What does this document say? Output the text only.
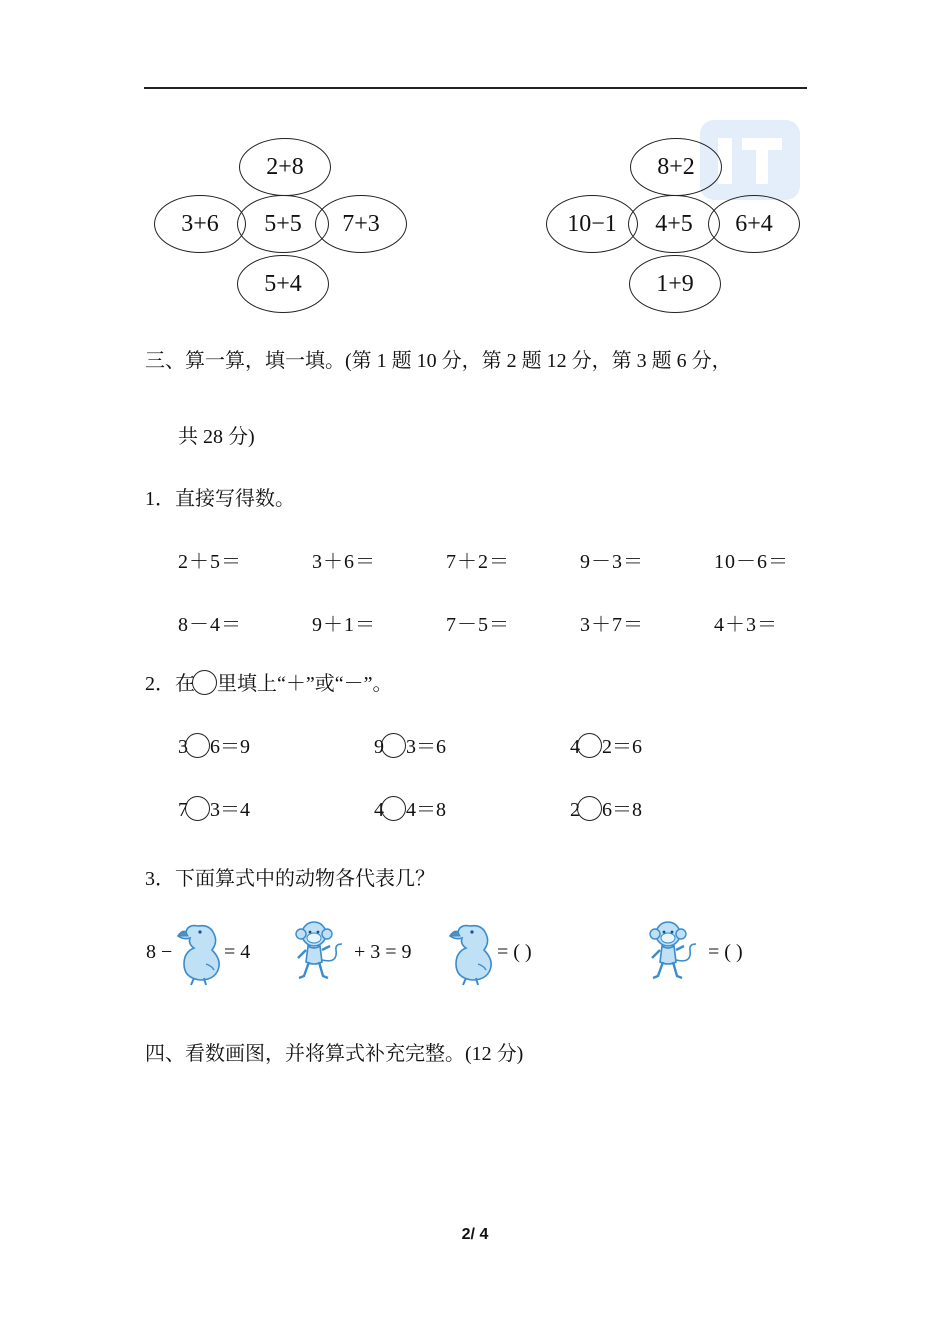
2+8
3+6	5+5	7+3
5+4
8+2
10−1	4+5	6+4
1+9
三、算一算，填一填。(第 1 题 10 分，第 2 题 12 分，第 3 题 6 分，
共 28 分)
1．直接写得数。
2＋5＝	3＋6＝	7＋2＝	9－3＝	10－6＝
8－4＝	9＋1＝	7－5＝	3＋7＝	4＋3＝
2．在 里填上“＋”或“－”。
3 6＝9	9 3＝6	4 2＝6
7 3＝4	4 4＝8	2 6＝8
3．下面算式中的动物各代表几？
8 −	= 4	+ 3 = 9	= ( )	= ( )
四、看数画图，并将算式补充完整。(12 分)
2/ 4
